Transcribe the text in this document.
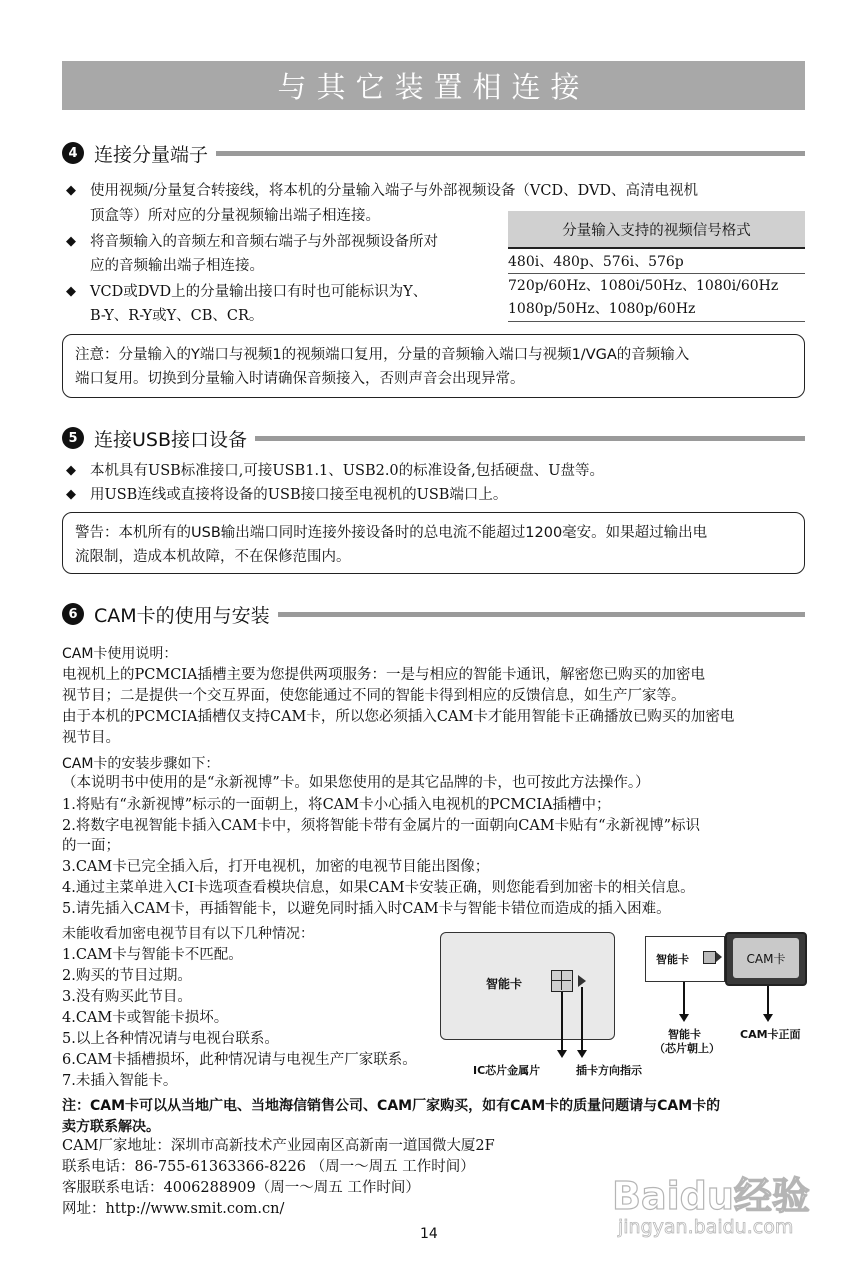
与其它装置相连接
4 连接分量端子
◆ 使用视频/分量复合转接线，将本机的分量输入端子与外部视频设备（VCD、DVD、高清电视机
顶盒等）所对应的分量视频输出端子相连接。
◆ 将音频输入的音频左和音频右端子与外部视频设备所对
应的音频输出端子相连接。
◆ VCD或DVD上的分量输出接口有时也可能标识为Y、
B-Y、R-Y或Y、CB、CR。
分量输入支持的视频信号格式
480i、480p、576i、576p
720p/60Hz、1080i/50Hz、1080i/60Hz
1080p/50Hz、1080p/60Hz
注意：分量输入的Y端口与视频1的视频端口复用，分量的音频输入端口与视频1/VGA的音频输入
端口复用。切换到分量输入时请确保音频接入，否则声音会出现异常。
5 连接USB接口设备
◆ 本机具有USB标准接口,可接USB1.1、USB2.0的标准设备,包括硬盘、U盘等。
◆ 用USB连线或直接将设备的USB接口接至电视机的USB端口上。
警告：本机所有的USB输出端口同时连接外接设备时的总电流不能超过1200毫安。如果超过输出电
流限制，造成本机故障，不在保修范围内。
6 CAM卡的使用与安装
CAM卡使用说明：
电视机上的PCMCIA插槽主要为您提供两项服务：一是与相应的智能卡通讯，解密您已购买的加密电
视节目；二是提供一个交互界面，使您能通过不同的智能卡得到相应的反馈信息，如生产厂家等。
由于本机的PCMCIA插槽仅支持CAM卡，所以您必须插入CAM卡才能用智能卡正确播放已购买的加密电
视节目。
CAM卡的安装步骤如下：
（本说明书中使用的是“永新视博”卡。如果您使用的是其它品牌的卡，也可按此方法操作。）
1.将贴有“永新视博”标示的一面朝上，将CAM卡小心插入电视机的PCMCIA插槽中；
2.将数字电视智能卡插入CAM卡中，须将智能卡带有金属片的一面朝向CAM卡贴有“永新视博”标识
的一面；
3.CAM卡已完全插入后，打开电视机，加密的电视节目能出图像；
4.通过主菜单进入CI卡选项查看模块信息，如果CAM卡安装正确，则您能看到加密卡的相关信息。
5.请先插入CAM卡，再插智能卡，以避免同时插入时CAM卡与智能卡错位而造成的插入困难。
未能收看加密电视节目有以下几种情况：
1.CAM卡与智能卡不匹配。
2.购买的节目过期。
3.没有购买此节目。
4.CAM卡或智能卡损坏。
5.以上各种情况请与电视台联系。
6.CAM卡插槽损坏，此种情况请与电视生产厂家联系。
7.未插入智能卡。
智能卡
IC芯片金属片	插卡方向指示
智能卡	CAM卡
智能卡
（芯片朝上）
CAM卡正面
注：CAM卡可以从当地广电、当地海信销售公司、CAM厂家购买，如有CAM卡的质量问题请与CAM卡的
卖方联系解决。
CAM厂家地址：深圳市高新技术产业园南区高新南一道国微大厦2F
联系电话：86-755-61363366-8226 （周一～周五 工作时间）
客服联系电话：4006288909（周一～周五 工作时间）
网址：http://www.smit.com.cn/
14
Baidu经验
jingyan.baidu.com
